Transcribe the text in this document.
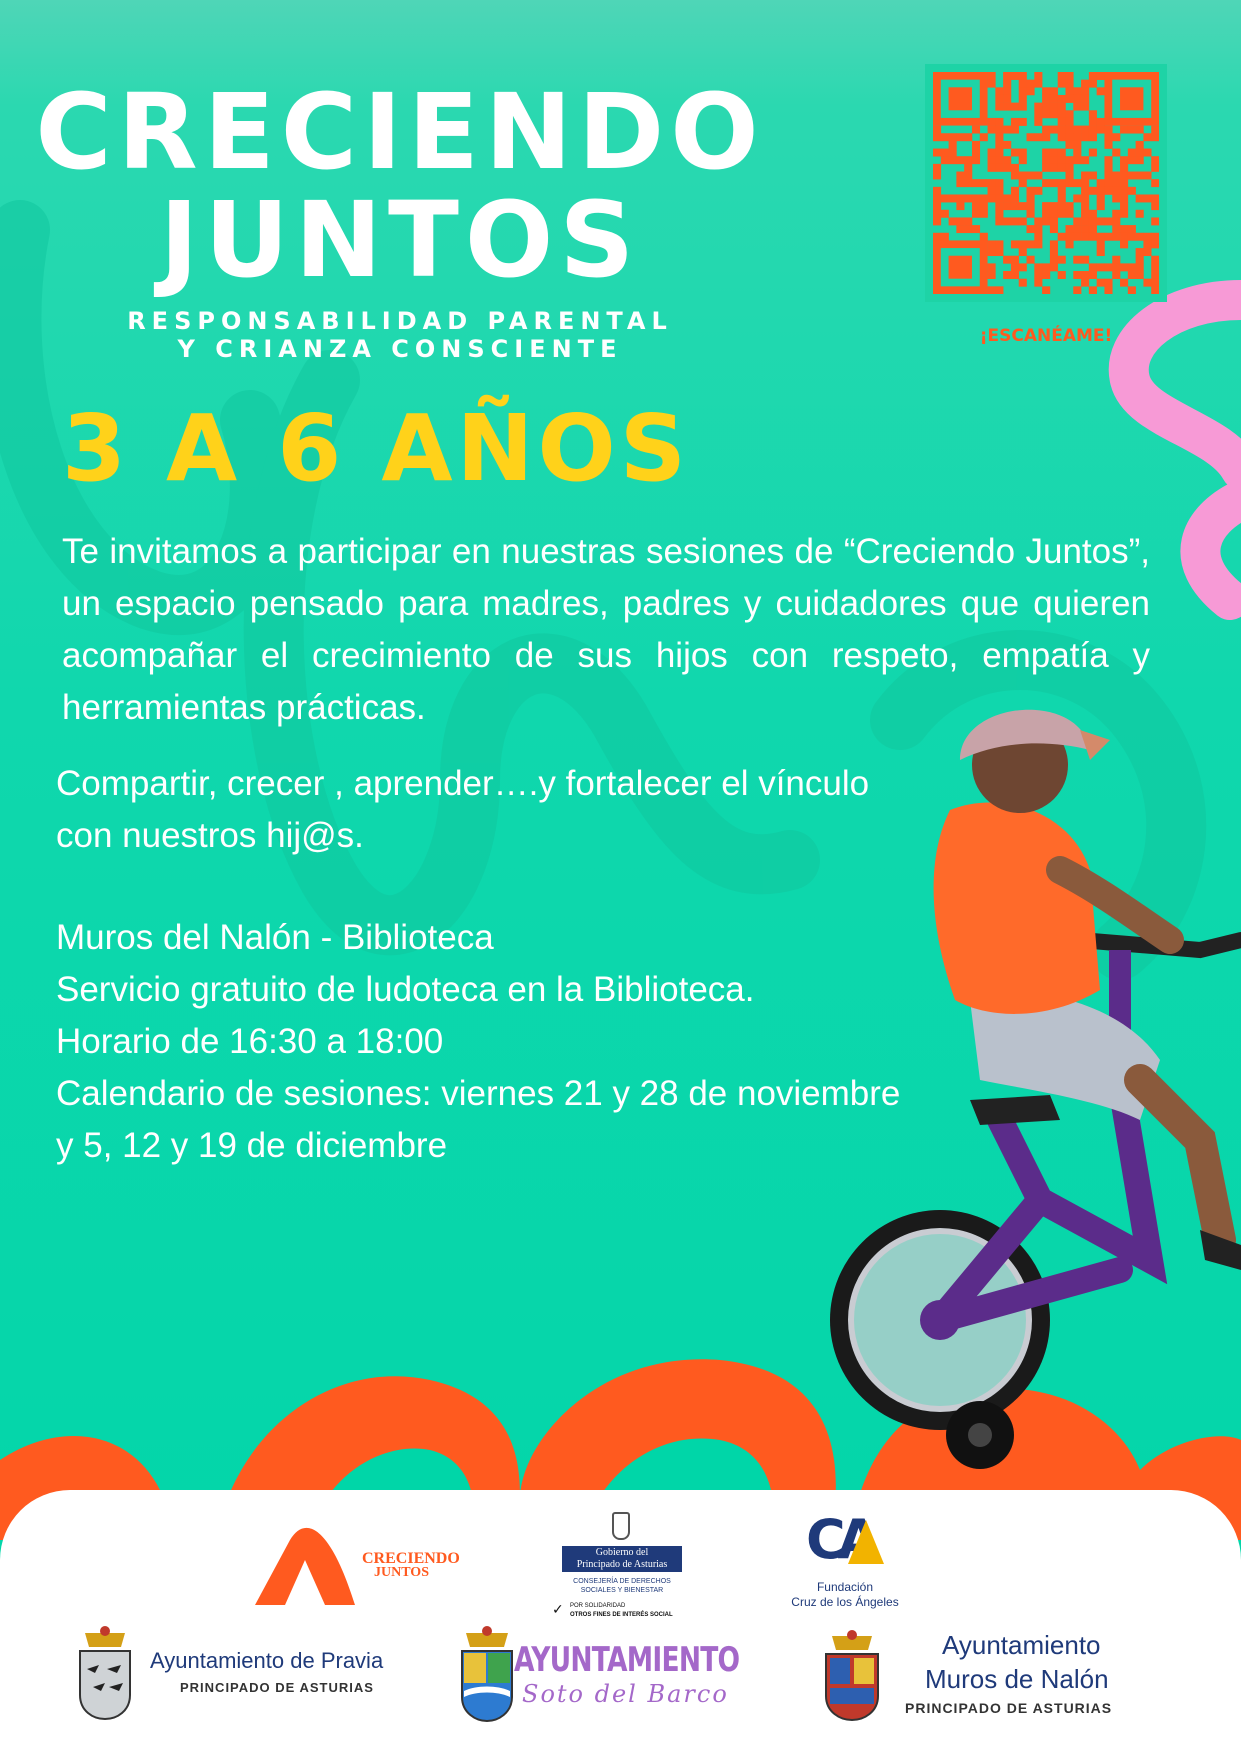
CRECIENDO
JUNTOS
RESPONSABILIDAD PARENTAL
Y CRIANZA CONSCIENTE
3 A 6 AÑOS
¡ESCANÉAME!
Te invitamos a participar en nuestras sesiones de “Creciendo Juntos”, un espacio pensado para madres, padres y cuidadores que quieren acompañar el crecimiento de sus hijos con respeto, empatía y herramientas prácticas.
Compartir, crecer , aprender….y fortalecer el vínculo
con nuestros hij@s.
Muros del Nalón - Biblioteca
Servicio gratuito de ludoteca en la Biblioteca.
Horario de 16:30 a 18:00
Calendario de sesiones: viernes 21 y 28 de noviembre
y 5, 12 y 19 de diciembre
CRECIENDO
JUNTOS
Gobierno del
Principado de Asturias
CONSEJERÍA DE DERECHOS
SOCIALES Y BIENESTAR
✓ POR SOLIDARIDAD
OTROS FINES DE INTERÉS SOCIAL
CA
Fundación
Cruz de los Ángeles
Ayuntamiento de Pravia
PRINCIPADO DE ASTURIAS
AYUNTAMIENTO
Soto del Barco
Ayuntamiento
Muros de Nalón
PRINCIPADO DE ASTURIAS
